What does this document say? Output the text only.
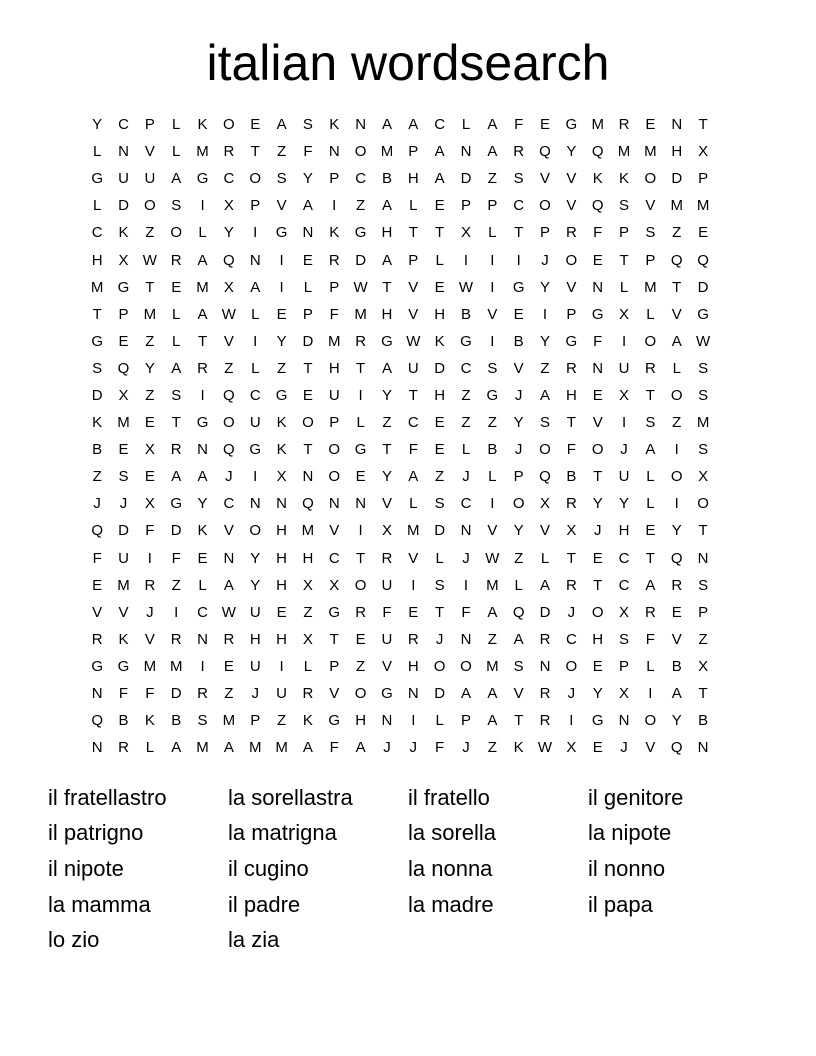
italian wordsearch
Y	C	P	L	K	O	E	A	S	K	N	A	A	C	L	A	F	E	G M R	E	N	T
L	N	V	L	M R	T	Z	F	N	O M	P	A	N	A	R	Q	Y	Q M M H	X
G	U	U	A	G	C	O	S	Y	P	C	B	H	A	D	Z	S	V	V	K	K	O	D	P
L	D	O	S	I	X	P	V	A	I	Z	A	L	E	P	P	C	O	V	Q	S	V	M M
C	K	Z	O	L	Y	I	G	N	K	G	H	T	T	X	L	T	P	R	F	P	S	Z	E
H	X W R	A	Q	N	I	E	R	D	A	P	L	I	I	I	J	O	E	T	P	Q Q
M G	T	E	M	X	A	I	L	P W T	V	E W	I	G	Y	V	N	L	M	T	D
T	P	M	L	A W	L	E	P	F	M H	V	H	B	V	E	I	P	G	X	L	V	G
G	E	Z	L	T	V	I	Y	D M R	G W K	G	I	B	Y	G	F	I	O	A W
S	Q	Y	A	R	Z	L	Z	T	H	T	A	U	D	C	S	V	Z	R	N	U	R	L	S
D	X	Z	S	I	Q	C	G	E	U	I	Y	T	H	Z	G	J	A	H	E	X	T	O	S
K	M	E	T	G O	U	K	O	P	L	Z	C	E	Z	Z	Y	S	T	V	I	S	Z	M
B	E	X	R	N	Q G	K	T	O G	T	F	E	L	B	J	O	F	O	J	A	I	S
Z	S	E	A	A	J	I	X	N	O	E	Y	A	Z	J	L	P	Q	B	T	U	L	O	X
J	J	X	G	Y	C	N	N	Q	N	N	V	L	S	C	I	O	X	R	Y	Y	L	I	O
Q	D	F	D	K	V	O	H M	V	I	X	M D	N	V	Y	V	X	J	H	E	Y	T
F	U	I	F	E	N	Y	H	H	C	T	R	V	L	J	W Z	L	T	E	C	T	Q	N
E	M R	Z	L	A	Y	H	X	X	O	U	I	S	I	M	L	A	R	T	C	A	R	S
V	V	J	I	C W U	E	Z	G	R	F	E	T	F	A	Q	D	J	O	X	R	E	P
R	K	V	R	N	R	H	H	X	T	E	U	R	J	N	Z	A	R	C	H	S	F	V	Z
G G M M	I	E	U	I	L	P	Z	V	H	O O M	S	N	O	E	P	L	B	X
N	F	F	D	R	Z	J	U	R	V	O G	N	D	A	A	V	R	J	Y	X	I	A	T
Q	B	K	B	S	M	P	Z	K	G	H	N	I	L	P	A	T	R	I	G	N	O	Y	B
N	R	L	A	M	A	M M	A	F	A	J	J	F	J	Z	K W X	E	J	V	Q	N
il fratellastro	la sorellastra	il fratello	il genitore
il patrigno	la matrigna	la sorella	la nipote
il nipote	il cugino	la nonna	il nonno
la mamma	il padre	la madre	il papa
lo zio	la zia
